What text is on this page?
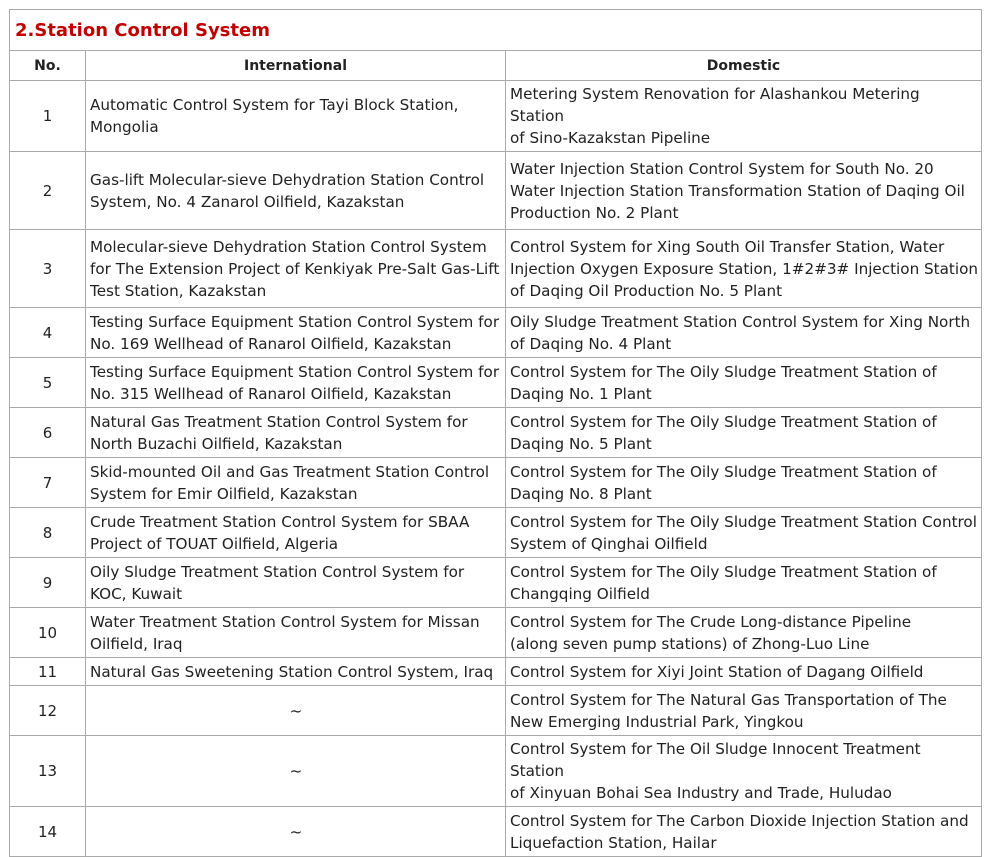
2.Station Control System		
No.	International	Domestic
1	Automatic Control System for Tayi Block Station,
Mongolia	Metering System Renovation for Alashankou Metering Station
of Sino-Kazakstan Pipeline
2	Gas-lift Molecular-sieve Dehydration Station Control
System, No. 4 Zanarol Oilfield, Kazakstan	Water Injection Station Control System for South No. 20
Water Injection Station Transformation Station of Daqing Oil
Production No. 2 Plant
3	Molecular-sieve Dehydration Station Control System
for The Extension Project of Kenkiyak Pre-Salt Gas-Lift
Test Station, Kazakstan	Control System for Xing South Oil Transfer Station, Water
Injection Oxygen Exposure Station, 1#2#3# Injection Station
of Daqing Oil Production No. 5 Plant
4	Testing Surface Equipment Station Control System for
No. 169 Wellhead of Ranarol Oilfield, Kazakstan	Oily Sludge Treatment Station Control System for Xing North
of Daqing No. 4 Plant
5	Testing Surface Equipment Station Control System for
No. 315 Wellhead of Ranarol Oilfield, Kazakstan	Control System for The Oily Sludge Treatment Station of
Daqing No. 1 Plant
6	Natural Gas Treatment Station Control System for
North Buzachi Oilfield, Kazakstan	Control System for The Oily Sludge Treatment Station of
Daqing No. 5 Plant
7	Skid-mounted Oil and Gas Treatment Station Control
System for Emir Oilfield, Kazakstan	Control System for The Oily Sludge Treatment Station of
Daqing No. 8 Plant
8	Crude Treatment Station Control System for SBAA
Project of TOUAT Oilfield, Algeria	Control System for The Oily Sludge Treatment Station Control
System of Qinghai Oilfield
9	Oily Sludge Treatment Station Control System for
KOC, Kuwait	Control System for The Oily Sludge Treatment Station of
Changqing Oilfield
10	Water Treatment Station Control System for Missan
Oilfield, Iraq	Control System for The Crude Long-distance Pipeline
(along seven pump stations) of Zhong-Luo Line
11	Natural Gas Sweetening Station Control System, Iraq	Control System for Xiyi Joint Station of Dagang Oilfield
12	~	Control System for The Natural Gas Transportation of The
New Emerging Industrial Park, Yingkou
13	~	Control System for The Oil Sludge Innocent Treatment Station
of Xinyuan Bohai Sea Industry and Trade, Huludao
14	~	Control System for The Carbon Dioxide Injection Station and
Liquefaction Station, Hailar
